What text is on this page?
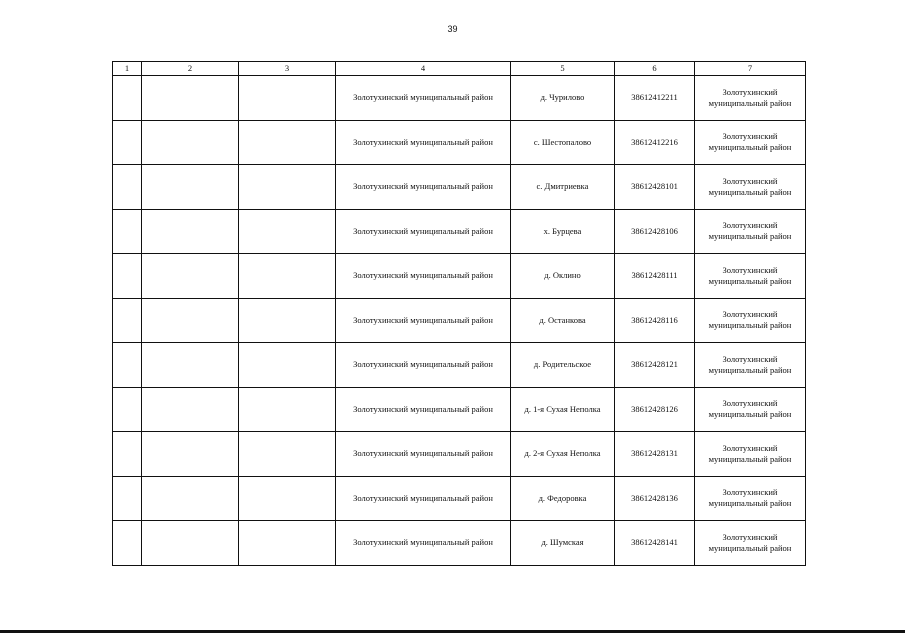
39
1	2	3	4	5	6	7
			Золотухинский муниципальный район	д. Чурилово	38612412211	Золотухинский муниципальный район
			Золотухинский муниципальный район	с. Шестопалово	38612412216	Золотухинский муниципальный район
			Золотухинский муниципальный район	с. Дмитриевка	38612428101	Золотухинский муниципальный район
			Золотухинский муниципальный район	х. Бурцева	38612428106	Золотухинский муниципальный район
			Золотухинский муниципальный район	д. Оклино	38612428111	Золотухинский муниципальный район
			Золотухинский муниципальный район	д. Останкова	38612428116	Золотухинский муниципальный район
			Золотухинский муниципальный район	д. Родительское	38612428121	Золотухинский муниципальный район
			Золотухинский муниципальный район	д. 1-я Сухая Неполка	38612428126	Золотухинский муниципальный район
			Золотухинский муниципальный район	д. 2-я Сухая Неполка	38612428131	Золотухинский муниципальный район
			Золотухинский муниципальный район	д. Федоровка	38612428136	Золотухинский муниципальный район
			Золотухинский муниципальный район	д. Шумская	38612428141	Золотухинский муниципальный район
